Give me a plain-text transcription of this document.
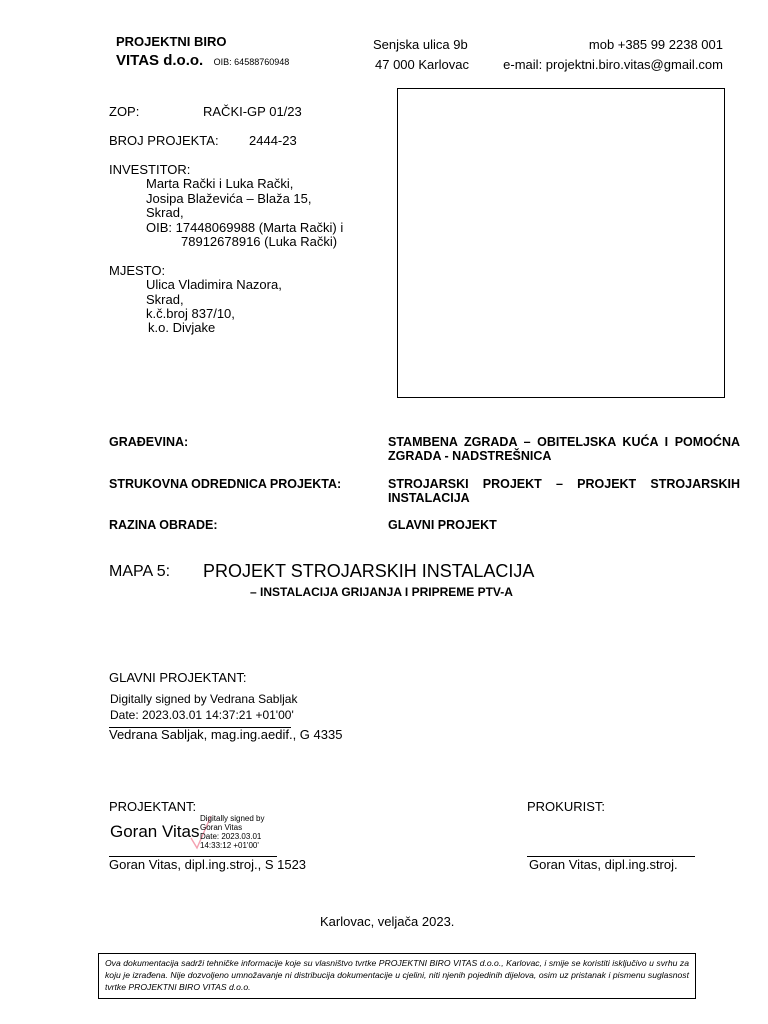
PROJEKTNI BIRO
VITAS d.o.o. OIB: 64588760948
Senjska ulica 9b
47 000 Karlovac
mob +385 99 2238 001
e-mail: projektni.biro.vitas@gmail.com
ZOP:	RAČKI-GP 01/23
BROJ PROJEKTA: 2444-23
INVESTITOR:
Marta Rački i Luka Rački,
Josipa Blaževića – Blaža 15,
Skrad,
OIB: 17448069988 (Marta Rački) i
78912678916 (Luka Rački)
MJESTO:
Ulica Vladimira Nazora,
Skrad,
k.č.broj 837/10,
k.o. Divjake
GRAĐEVINA:	STAMBENA ZGRADA – OBITELJSKA KUĆA I POMOĆNA ZGRADA - NADSTREŠNICA
STRUKOVNA ODREDNICA PROJEKTA:	STROJARSKI PROJEKT – PROJEKT STROJARSKIH INSTALACIJA
RAZINA OBRADE:	GLAVNI PROJEKT
MAPA 5: PROJEKT STROJARSKIH INSTALACIJA
– INSTALACIJA GRIJANJA I PRIPREME PTV-A
GLAVNI PROJEKTANT:
Digitally signed by Vedrana Sabljak
Date: 2023.03.01 14:37:21 +01'00'
Vedrana Sabljak, mag.ing.aedif., G 4335
PROJEKTANT:
Goran Vitas
Digitally signed by
Goran Vitas
Date: 2023.03.01
14:33:12 +01'00'
Goran Vitas, dipl.ing.stroj., S 1523
PROKURIST:
Goran Vitas, dipl.ing.stroj.
Karlovac, veljača 2023.
Ova dokumentacija sadrži tehničke informacije koje su vlasništvo tvrtke PROJEKTNI BIRO VITAS d.o.o., Karlovac, i smije se koristiti isključivo u svrhu za koju je izrađena. Nije dozvoljeno umnožavanje ni distribucija dokumentacije u cjelini, niti njenih pojedinih dijelova, osim uz pristanak i pismenu suglasnost tvrtke PROJEKTNI BIRO VITAS d.o.o.
